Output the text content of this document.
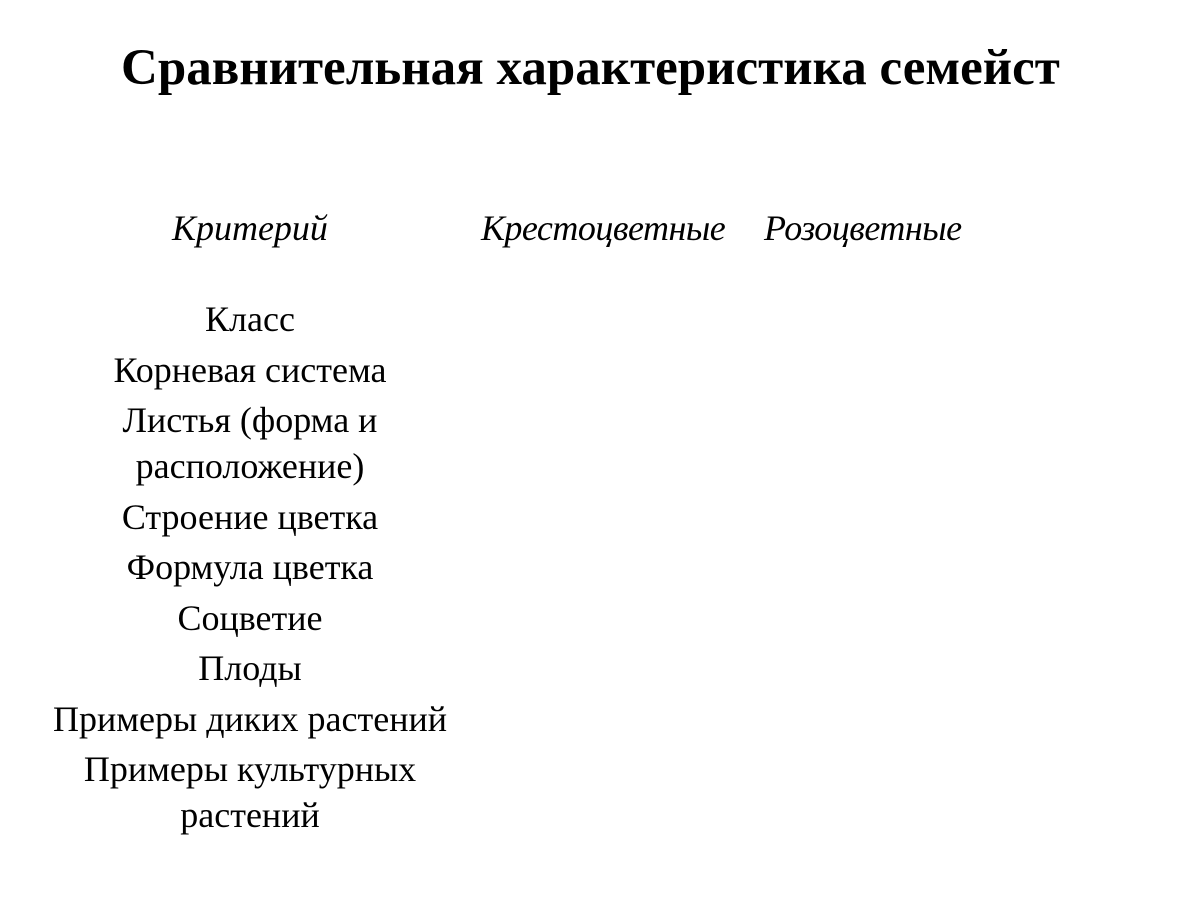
Сравнительная характеристика семейст
Критерий	Крестоцветные Розоцветные
Класс
Корневая система
Листья (форма и
расположение)
Строение цветка
Формула цветка
Соцветие
Плоды
Примеры диких растений
Примеры культурных
растений
